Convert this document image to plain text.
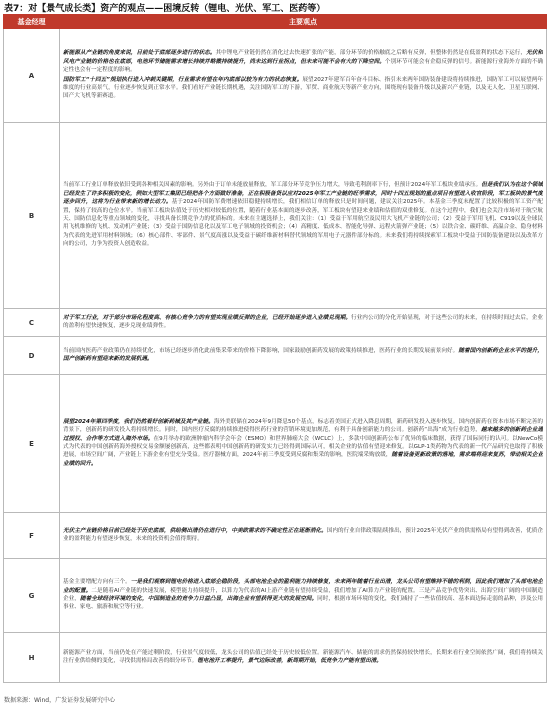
表7：对【景气成长类】资产的观点——困境反转（锂电、光伏、军工、医药等）
基金经理	主要观点
A	新能源从产业链的角度来说，目前处于底部逐步进行的状态。其中锂电产业链仍然在消化过去快速扩张的产能，部分环节的价格触底之后略有反弹，但整体仍然是在低盈利的状态下运行，光伏和风电产业链的价格也在底部，电池环节储能需求增长持续并略微持续提升，尚未达到行业拐点，但未来可能不会有大的下降空间。个别环节可能会有企稳反弹的信号。新能源行业海外方面的不确定性也会有一定程度的影响。

国防军工“十四五”规划执行进入冲刺关键期，行业需求有望在年内底部以较为有力的状态恢复。展望2027年建军百年奋斗目标、指引未来两年国防装备建设将持续推进，国防军工可以展望两年维度的行业高景气，行业逐步恢复到正常水平。我们看好产业链长期机遇，关注国防军工的下游，军贸、商业航天等新产业方向，围绕现有装备升级以及新兴产业链，以及无人化、卫星互联网、国产大飞机等新赛道。

B	当前军工行业订单释放依旧受到各种相关因素的影响。另外由于订单未能放量释放，军工部分环节竞争压力增大，导致毛利润率下行，但预计2024年军工板块业绩承压。但是我们认为在这个领域已经发生了许多积极的变化，例如大型军工集团已经把各个方面做好准备，正在积极备货以应对2025年军工产业链的旺季需求，同时十四五规划的重点项目有望进入收官阶段，军工板块的景气度逐步回升，这将为行业带来新的增长动力。基于2024年国防军费增速依旧稳健持续增长，我们相信订单的释放只是时间问题，建议关注2025年。本基金三季度末配置了比较积极的军工资产配置，保持了较高的仓位水平。当前军工板块估值处于历史相对较低的位置，随着行业基本面的逐步改善，军工板块有望迎来业绩和估值的双重修复。在这个过程中，我们也会关注市场对于航空航天、国防信息化等重点领域的变化，寻找具备长期竞争力的优质标的。未来在主题选择上，我们关注：（1）受益于军用航空及民用大飞机产业链的公司；（2）受益于军用飞机、C919以及全球民用飞机维修的飞机、发动机产业链；（3）受益于国防信息化以及军工电子领域的投资机会；（4）高精度、低成本、智能化导弹、远程火箭弹产业链；（5）以铁合金、碳纤维、高温合金、隐身材料为代表的先进军用材料领域；（6）核心部件、零部件、景气度高涨以及受益于碳纤维新材料替代领域的军用电子元器件部分标的。未来我们将持续探索军工板块中受益于国防装备建设以及改革方向的公司，力争为投资人创造收益。

C	对于军工行业，对于部分市场化程度高、有核心竞争力的有望实现业绩反弹的企业，已经开始逐步进入业绩兑现期。行业内公司的分化开始显现，对于这些公司的未来，在持续时间过去后，企业的盈利有望快速恢复，逐步兑现业绩弹性。

D	当前国内医药产业政策仍在持续优化，市场已经逐步消化此前集采带来的价格下降影响，国家鼓励创新药发展的政策持续推进，医药行业的长期发展前景向好。随着国内创新药企业水平的提升，国产创新药有望迎来新的发展机遇。

E	展望2024年第四季度，我们仍然看好创新药械及其产业链。海外美联储在2024年9月降息50个基点，标志着美国正式进入降息周期，新药研发投入逐步恢复。国内创新药在资本市场不断完善的背景下，创新药的研发投入将持续增长。同时，国内医疗反腐的持续推进使得医药行业的营销环境更加规范，有利于具备创新能力的公司。创新药“出海”成为行业趋势，越来越多的创新药企业通过授权、合作等方式进入海外市场。在9月举办的欧洲肿瘤内科学会年会（ESMO）和世界肺癌大会（WCLC）上，多款中国创新药公布了优异的临床数据，获得了国际同行的认可。以NewCo模式为代表的中国创新药海外授权交易金额屡创新高，这些都表明中国创新药的研发实力已经得到国际认可，相关企业的估值有望迎来修复。以GLP-1类药物为代表的新一代产品研究也取得了积极进展，市场空间广阔，产业链上下游企业有望充分受益。医疗器械方面，2024年前三季度受到反腐和集采的影响，医院端采购放缓，随着设备更新政策的落地，需求端将迎来复苏，带动相关企业业绩的回升。

F	光伏主产业链价格目前已经处于历史底部，供给侧出清仍在进行中，中美欧需求的不确定性正在逐渐消化。国内的行业自律政策陆续推出，预计2025年光伏产业的供需格局有望得到改善，优质企业的盈利能力有望逐步恢复，未来的投资机会值得期待。

G	基金主要增配方向有三个。一是我们观察到锂电价格进入底部企稳阶段，头部电池企业的盈利能力持续修复，未来两年随着行业出清，龙头公司有望维持不错的利润，因此我们增加了头部电池企业的配置。二是随着AI产业链的快速发展，模型能力持续提升，以算力为代表的AI上游产业链有望持续受益，我们增加了AI算力产业链的配置。三是产品竞争优势突出、出海空间广阔的中国制造企业，随着全球经济环境的变化，中国制造业的竞争力日益凸显，出海企业有望获得更大的发展空间。同时，根据市场环境的变化，我们减持了一些估值较高、基本面边际走弱的品种，涉及公用事业、家电、旅游和航空等行业。

H	新能源产业方面，当前仍处在产能过剩阶段，行业景气度较低，龙头公司的估值已经处于历史较低位置。新能源汽车、储能的需求仍然保持较快增长，长期来看行业空间依然广阔，我们将持续关注行业供给侧的变化，寻找供需格局改善的细分环节。锂电池开工率提升，景气边际改善，新周期开始，低竞争力产能有望出清。

数据来源：Wind，广发证券发展研究中心
